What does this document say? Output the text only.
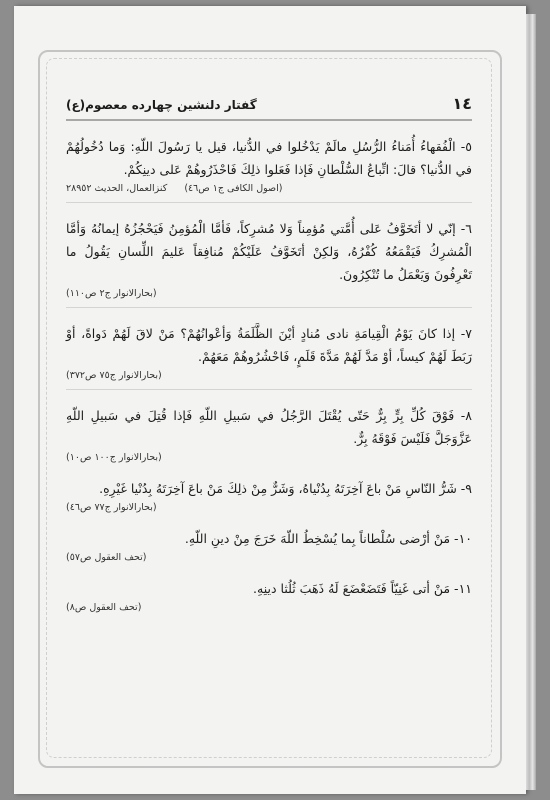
١٤
گفتار دلنشين چهارده معصوم(ع)
٥- الْفُقهاءُ أُمَناءُ الرُّسُلِ مالَمْ يَدْخُلوا في الدُّنيا، قيل يا رَسُولَ اللّهِ: وَما دُخُولُهُمْ في الدُّنيا؟ قالَ: اتِّباعُ السُّلْطانِ فَإذا فَعَلوا ذلِكَ فَاحْذَرُوهُمْ عَلى دينِكُمْ.
(اصول الكافى ج١ ص٤٦) كنزالعمال، الحديث ٢٨٩٥٢
٦- إنّي لا أتَخَوَّفُ عَلى أُمَّتي مُؤمِناً وَلا مُشرِكاً، فَأمَّا الْمُؤمِنُ فَيَحْجُزُهُ إيمانُهُ وَأمَّا الْمُشرِكُ فَيَقْمَعُهُ كُفْرُهُ، وَلكِنْ أتَخَوَّفُ عَلَيْكُمْ مُنافِقاً عَليمَ اللِّسانِ يَقُولُ ما تَعْرِفُونَ وَيَعْمَلُ ما تُنْكِرُونَ.
(بحارالانوار ج٢ ص١١٠)
٧- إذا كانَ يَوْمُ الْقِيامَةِ نادى مُنادٍ أيْنَ الظَّلَمَةُ وَأعْوانُهُمْ؟ مَنْ لاقَ لَهُمْ دَواةً، أوْ رَبَطَ لَهُمْ كيساً، أوْ مَدَّ لَهُمْ مَدَّةَ قَلَمٍ، فَاحْشُرُوهُمْ مَعَهُمْ.
(بحارالانوار ج٧٥ ص٣٧٢)
٨- فَوْقَ كُلِّ بِرٍّ بِرٌّ حَتّى يُقْتَلَ الرَّجُلُ في سَبيلِ اللّهِ فَإذا قُتِلَ في سَبيلِ اللّهِ عَزَّوَجَلَّ فَلَيْسَ فَوْقَهُ بِرٌّ.
(بحارالانوار ج١٠٠ ص١٠)
٩- شَرُّ النّاسِ مَنْ باعَ آخِرَتَهُ بِدُنْياهُ، وَشَرٌّ مِنْ ذلِكَ مَنْ باعَ آخِرَتَهُ بِدُنْيا غَيْرِهِ.
(بحارالانوار ج٧٧ ص٤٦)
١٠- مَنْ أرْضى سُلْطاناً بِما يُسْخِطُ اللّهَ خَرَجَ مِنْ دينِ اللّهِ.
(تحف العقول ص٥٧)
١١- مَنْ أتى غَنِيّاً فَتَضَعْضَعَ لَهُ ذَهَبَ ثُلُثا دينِهِ.
(تحف العقول ص٨)
